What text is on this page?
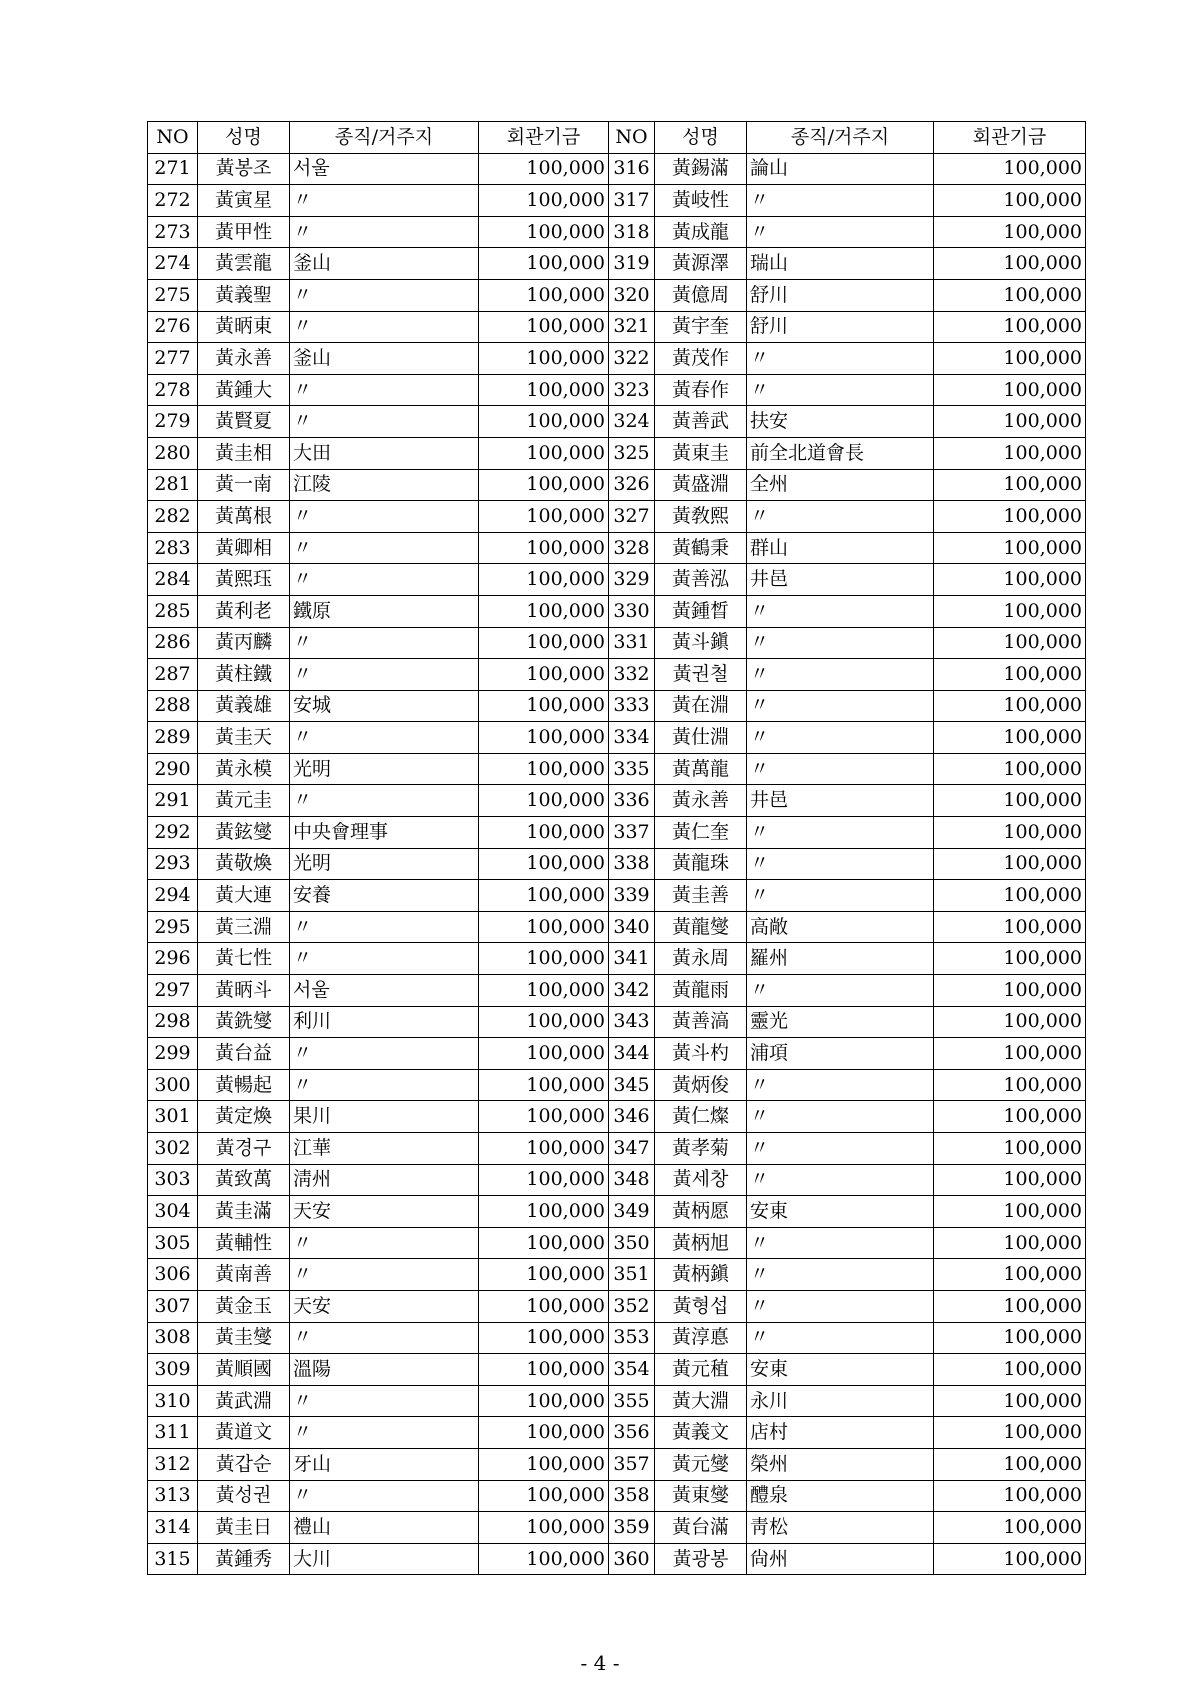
NO	성명	종직/거주지	회관기금	NO	성명	종직/거주지	회관기금
271	黃봉조	서울	100,000	316	黃錫滿	論山	100,000
272	黃寅星	〃	100,000	317	黃岐性	〃	100,000
273	黃甲性	〃	100,000	318	黃成龍	〃	100,000
274	黃雲龍	釜山	100,000	319	黃源澤	瑞山	100,000
275	黃義聖	〃	100,000	320	黃億周	舒川	100,000
276	黃昞東	〃	100,000	321	黃宇奎	舒川	100,000
277	黃永善	釜山	100,000	322	黃茂作	〃	100,000
278	黃鍾大	〃	100,000	323	黃春作	〃	100,000
279	黃賢夏	〃	100,000	324	黃善武	扶安	100,000
280	黃圭相	大田	100,000	325	黃東圭	前全北道會長	100,000
281	黃一南	江陵	100,000	326	黃盛淵	全州	100,000
282	黃萬根	〃	100,000	327	黃敎熙	〃	100,000
283	黃卿相	〃	100,000	328	黃鶴秉	群山	100,000
284	黃熙珏	〃	100,000	329	黃善泓	井邑	100,000
285	黃利老	鐵原	100,000	330	黃鍾晳	〃	100,000
286	黃丙麟	〃	100,000	331	黃斗鎭	〃	100,000
287	黃柱鐵	〃	100,000	332	黃권철	〃	100,000
288	黃義雄	安城	100,000	333	黃在淵	〃	100,000
289	黃圭天	〃	100,000	334	黃仕淵	〃	100,000
290	黃永模	光明	100,000	335	黃萬龍	〃	100,000
291	黃元圭	〃	100,000	336	黃永善	井邑	100,000
292	黃鉉燮	中央會理事	100,000	337	黃仁奎	〃	100,000
293	黃敬煥	光明	100,000	338	黃龍珠	〃	100,000
294	黃大連	安養	100,000	339	黃圭善	〃	100,000
295	黃三淵	〃	100,000	340	黃龍燮	高敞	100,000
296	黃七性	〃	100,000	341	黃永周	羅州	100,000
297	黃昞斗	서울	100,000	342	黃龍雨	〃	100,000
298	黃銑燮	利川	100,000	343	黃善滈	靈光	100,000
299	黃台益	〃	100,000	344	黃斗杓	浦項	100,000
300	黃暢起	〃	100,000	345	黃炳俊	〃	100,000
301	黃定煥	果川	100,000	346	黃仁燦	〃	100,000
302	黃경구	江華	100,000	347	黃孝菊	〃	100,000
303	黃致萬	淸州	100,000	348	黃세창	〃	100,000
304	黃圭滿	天安	100,000	349	黃柄愿	安東	100,000
305	黃輔性	〃	100,000	350	黃柄旭	〃	100,000
306	黃南善	〃	100,000	351	黃柄鎭	〃	100,000
307	黃金玉	天安	100,000	352	黃형섭	〃	100,000
308	黃圭燮	〃	100,000	353	黃淳悳	〃	100,000
309	黃順國	溫陽	100,000	354	黃元稙	安東	100,000
310	黃武淵	〃	100,000	355	黃大淵	永川	100,000
311	黃道文	〃	100,000	356	黃義文	店村	100,000
312	黃갑순	牙山	100,000	357	黃元燮	榮州	100,000
313	黃성권	〃	100,000	358	黃東燮	醴泉	100,000
314	黃圭日	禮山	100,000	359	黃台滿	靑松	100,000
315	黃鍾秀	大川	100,000	360	黃광봉	尙州	100,000
- 4 -
